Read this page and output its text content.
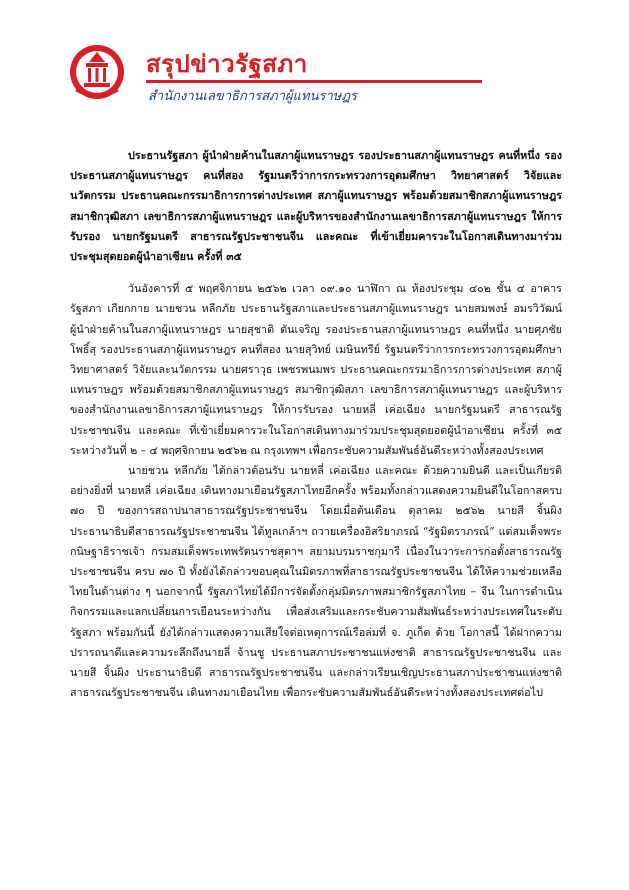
สรุปข่าวรัฐสภา
สำนักงานเลขาธิการสภาผู้แทนราษฎร

ประธานรัฐสภา ผู้นำฝ่ายค้านในสภาผู้แทนราษฎร รองประธานสภาผู้แทนราษฎร คนที่หนึ่ง รองประธานสภาผู้แทนราษฎร คนที่สอง รัฐมนตรีว่าการกระทรวงการอุดมศึกษา วิทยาศาสตร์ วิจัยและนวัตกรรม ประธานคณะกรรมาธิการการต่างประเทศ สภาผู้แทนราษฎร พร้อมด้วยสมาชิกสภาผู้แทนราษฎร สมาชิกวุฒิสภา เลขาธิการสภาผู้แทนราษฎร และผู้บริหารของสำนักงานเลขาธิการสภาผู้แทนราษฎร ให้การรับรอง นายกรัฐมนตรี สาธารณรัฐประชาชนจีน และคณะ ที่เข้าเยี่ยมคารวะในโอกาสเดินทางมาร่วมประชุมสุดยอดผู้นำอาเซียน ครั้งที่ ๓๕

วันอังคารที่ ๕ พฤศจิกายน ๒๕๖๒ เวลา ๐๙.๑๐ นาฬิกา ณ ห้องประชุม ๔๐๒ ชั้น ๔ อาคารรัฐสภา เกียกกาย นายชวน หลีกภัย ประธานรัฐสภาและประธานสภาผู้แทนราษฎร นายสมพงษ์ อมรวิวัฒน์ ผู้นำฝ่ายค้านในสภาผู้แทนราษฎร นายสุชาติ ตันเจริญ รองประธานสภาผู้แทนราษฎร คนที่หนึ่ง นายศุภชัย โพธิ์สุ รองประธานสภาผู้แทนราษฎร คนที่สอง นายสุวิทย์ เมษินทรีย์ รัฐมนตรีว่าการกระทรวงการอุดมศึกษา วิทยาศาสตร์ วิจัยและนวัตกรรม นายศราวุธ เพชรพนมพร ประธานคณะกรรมาธิการการต่างประเทศ สภาผู้แทนราษฎร พร้อมด้วยสมาชิกสภาผู้แทนราษฎร สมาชิกวุฒิสภา เลขาธิการสภาผู้แทนราษฎร และผู้บริหารของสำนักงานเลขาธิการสภาผู้แทนราษฎร ให้การรับรอง นายหลี่ เค่อเฉียง นายกรัฐมนตรี สาธารณรัฐประชาชนจีน และคณะ ที่เข้าเยี่ยมคารวะในโอกาสเดินทางมาร่วมประชุมสุดยอดผู้นำอาเซียน ครั้งที่ ๓๕ ระหว่างวันที่ ๒ – ๔ พฤศจิกายน ๒๕๖๒ ณ กรุงเทพฯ เพื่อกระชับความสัมพันธ์อันดีระหว่างทั้งสองประเทศ

นายชวน หลีกภัย ได้กล่าวต้อนรับ นายหลี่ เค่อเฉียง และคณะ ด้วยความยินดี และเป็นเกียรติอย่างยิ่งที่ นายหลี่ เค่อเฉียง เดินทางมาเยือนรัฐสภาไทยอีกครั้ง พร้อมทั้งกล่าวแสดงความยินดีในโอกาสครบ ๗๐ ปี ของการสถาปนาสาธารณรัฐประชาชนจีน โดยเมื่อต้นเดือน ตุลาคม ๒๕๖๒ นายสี จิ้นผิง ประธานาธิบดีสาธารณรัฐประชาชนจีน ได้ทูลเกล้าฯ ถวายเครื่องอิสริยาภรณ์ “รัฐมิตราภรณ์” แด่สมเด็จพระกนิษฐาธิราชเจ้า กรมสมเด็จพระเทพรัตนราชสุดาฯ สยามบรมราชกุมารี เนื่องในวาระการก่อตั้งสาธารณรัฐประชาชนจีน ครบ ๗๐ ปี ทั้งยังได้กล่าวขอบคุณในมิตรภาพที่สาธารณรัฐประชาชนจีน ได้ให้ความช่วยเหลือไทยในด้านต่าง ๆ นอกจากนี้ รัฐสภาไทยได้มีการจัดตั้งกลุ่มมิตรภาพสมาชิกรัฐสภาไทย – จีน ในการดำเนินกิจกรรมและแลกเปลี่ยนการเยือนระหว่างกัน เพื่อส่งเสริมและกระชับความสัมพันธ์ระหว่างประเทศในระดับรัฐสภา พร้อมกันนี้ ยังได้กล่าวแสดงความเสียใจต่อเหตุการณ์เรือล่มที่ จ. ภูเก็ต ด้วย โอกาสนี้ ได้ฝากความปรารถนาดีและความระลึกถึงนายลี่ จ้านชู ประธานสภาประชาชนแห่งชาติ สาธารณรัฐประชาชนจีน และนายสี จิ้นผิง ประธานาธิบดี สาธารณรัฐประชาชนจีน และกล่าวเรียนเชิญประธานสภาประชาชนแห่งชาติสาธารณรัฐประชาชนจีน เดินทางมาเยือนไทย เพื่อกระชับความสัมพันธ์อันดีระหว่างทั้งสองประเทศต่อไป
